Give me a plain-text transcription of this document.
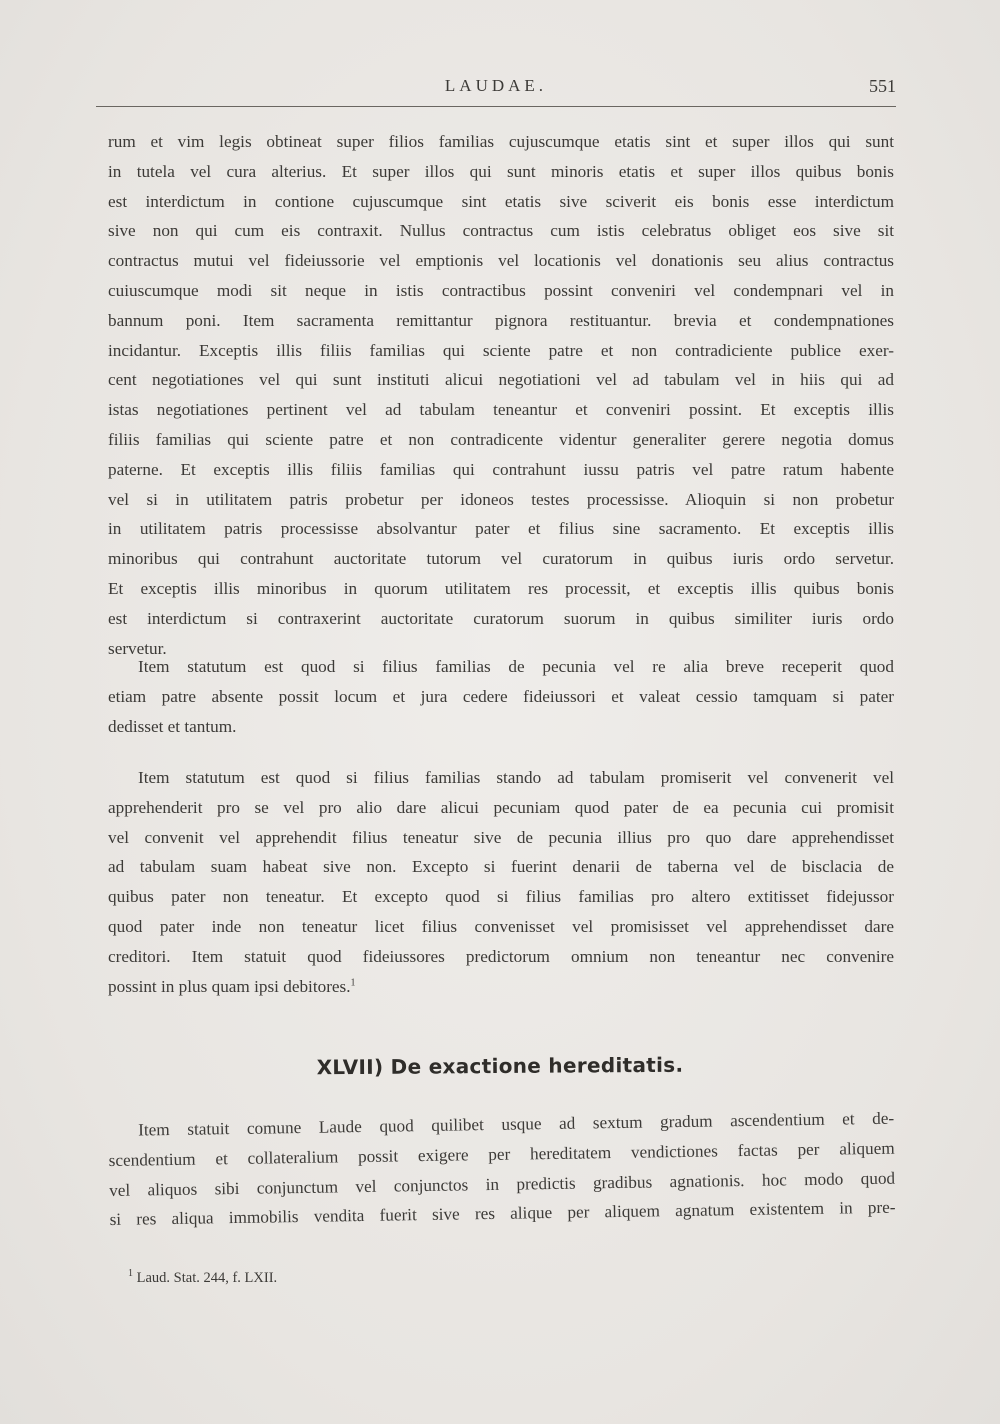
LAUDAE.	551
rum et vim legis obtineat super filios familias cujuscumque etatis sint et super illos qui sunt
in tutela vel cura alterius. Et super illos qui sunt minoris etatis et super illos quibus bonis
est interdictum in contione cujuscumque sint etatis sive sciverit eis bonis esse interdictum
sive non qui cum eis contraxit. Nullus contractus cum istis celebratus obliget eos sive sit
contractus mutui vel fideiussorie vel emptionis vel locationis vel donationis seu alius contractus
cuiuscumque modi sit neque in istis contractibus possint conveniri vel condempnari vel in
bannum poni. Item sacramenta remittantur pignora restituantur. brevia et condempnationes
incidantur. Exceptis illis filiis familias qui sciente patre et non contradiciente publice exer-
cent negotiationes vel qui sunt instituti alicui negotiationi vel ad tabulam vel in hiis qui ad
istas negotiationes pertinent vel ad tabulam teneantur et conveniri possint. Et exceptis illis
filiis familias qui sciente patre et non contradicente videntur generaliter gerere negotia domus
paterne. Et exceptis illis filiis familias qui contrahunt iussu patris vel patre ratum habente
vel si in utilitatem patris probetur per idoneos testes processisse. Alioquin si non probetur
in utilitatem patris processisse absolvantur pater et filius sine sacramento. Et exceptis illis
minoribus qui contrahunt auctoritate tutorum vel curatorum in quibus iuris ordo servetur.
Et exceptis illis minoribus in quorum utilitatem res processit, et exceptis illis quibus bonis
est interdictum si contraxerint auctoritate curatorum suorum in quibus similiter iuris ordo
servetur.
Item statutum est quod si filius familias de pecunia vel re alia breve receperit quod
etiam patre absente possit locum et jura cedere fideiussori et valeat cessio tamquam si pater
dedisset et tantum.
Item statutum est quod si filius familias stando ad tabulam promiserit vel convenerit vel
apprehenderit pro se vel pro alio dare alicui pecuniam quod pater de ea pecunia cui promisit
vel convenit vel apprehendit filius teneatur sive de pecunia illius pro quo dare apprehendisset
ad tabulam suam habeat sive non. Excepto si fuerint denarii de taberna vel de bisclacia de
quibus pater non teneatur. Et excepto quod si filius familias pro altero extitisset fidejussor
quod pater inde non teneatur licet filius convenisset vel promisisset vel apprehendisset dare
creditori. Item statuit quod fideiussores predictorum omnium non teneantur nec convenire
possint in plus quam ipsi debitores.$^1$
XLVII) De exactione hereditatis.
Item statuit comune Laude quod quilibet usque ad sextum gradum ascendentium et de-
scendentium et collateralium possit exigere per hereditatem vendictiones factas per aliquem
vel aliquos sibi conjunctum vel conjunctos in predictis gradibus agnationis. hoc modo quod
si res aliqua immobilis vendita fuerit sive res alique per aliquem agnatum existentem in pre-
$^1$ Laud. Stat. 244, f. LXII.
